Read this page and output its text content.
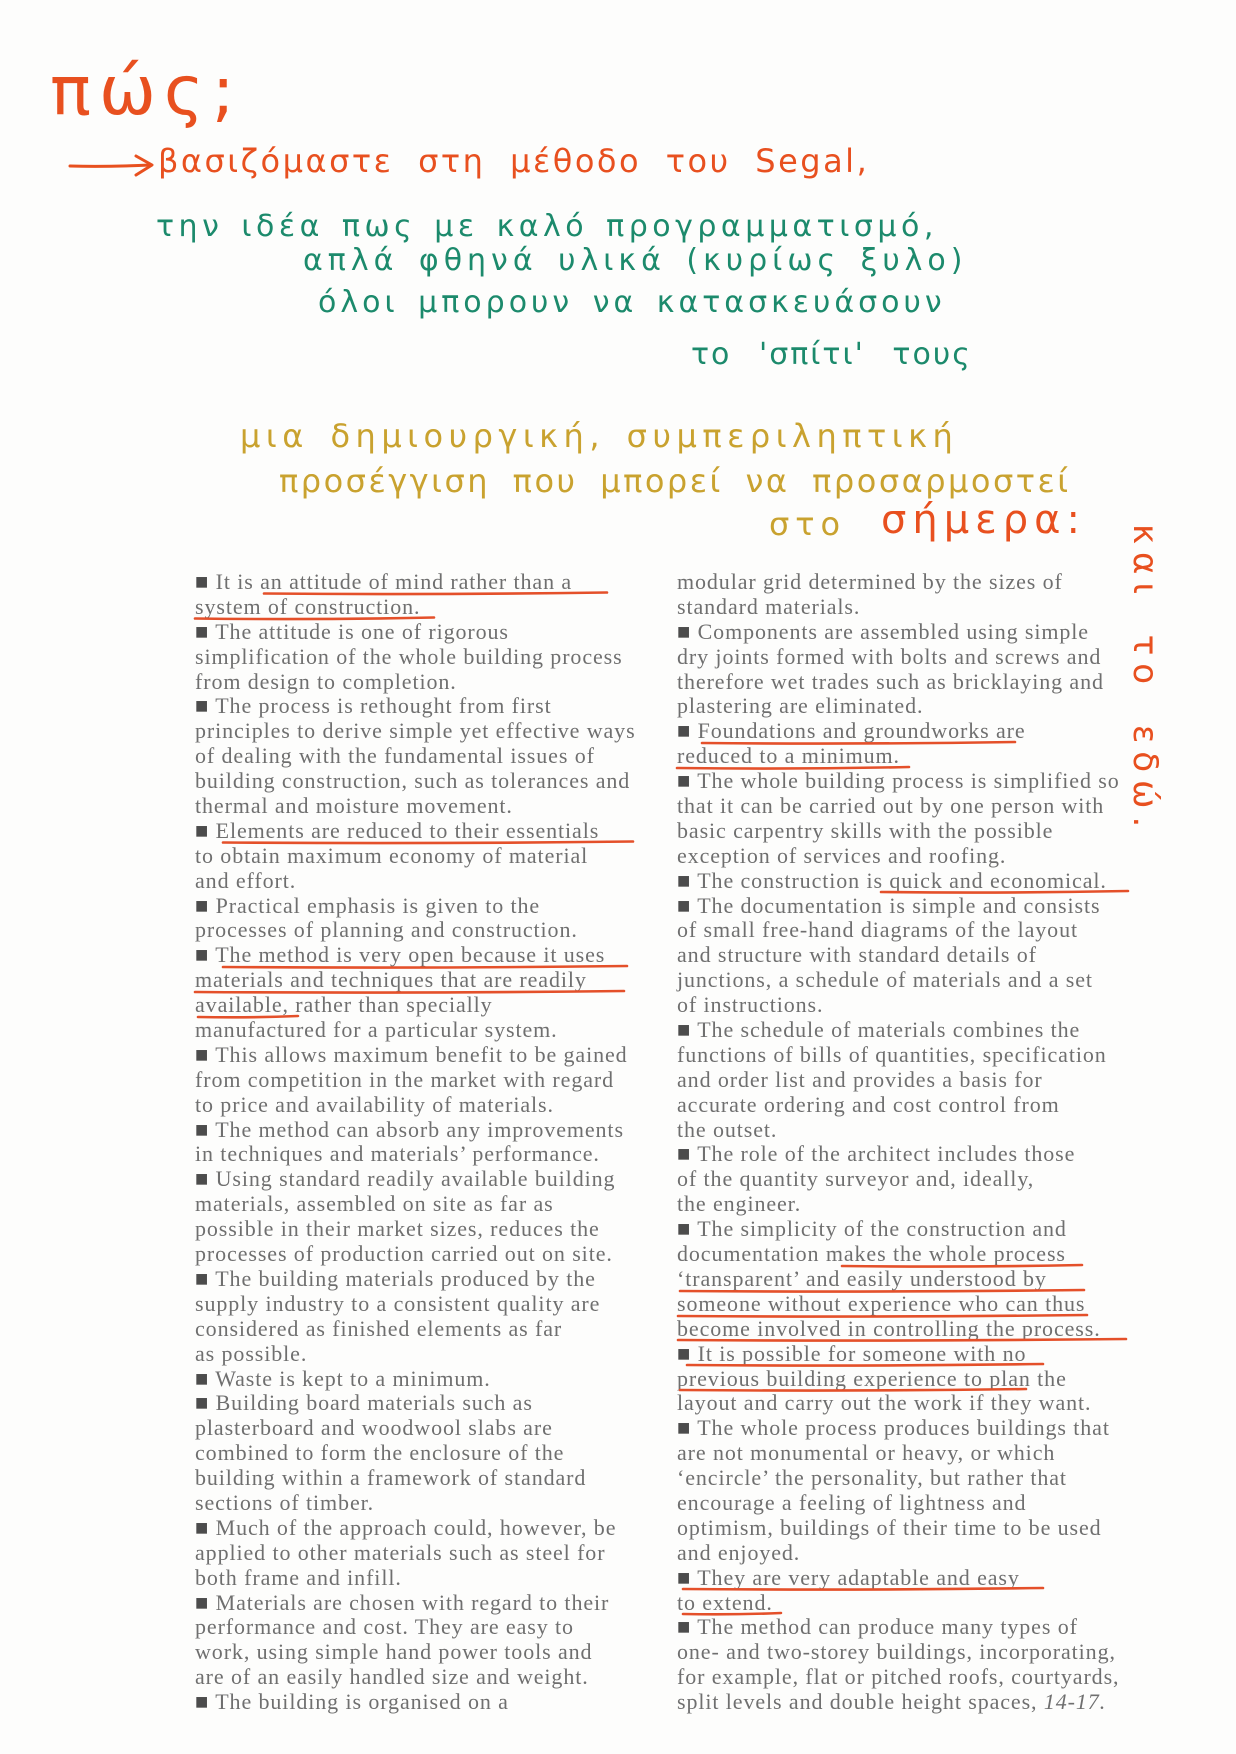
πώς;
βασιζόμαστε στη μέθοδο του Segal,
την ιδέα πως με καλό προγραμματισμό,
απλά φθηνά υλικά (κυρίως ξυλο)
όλοι μπορουν να κατασκευάσουν
το 'σπίτι' τους
μια δημιουργική, συμπεριληπτική
προσέγγιση που μπορεί να προσαρμοστεί
στο σήμερα:
και το εδώ.
■ It is an attitude of mind rather than a
system of construction.
■ The attitude is one of rigorous
simplification of the whole building process
from design to completion.
■ The process is rethought from first
principles to derive simple yet effective ways
of dealing with the fundamental issues of
building construction, such as tolerances and
thermal and moisture movement.
■ Elements are reduced to their essentials
to obtain maximum economy of material
and effort.
■ Practical emphasis is given to the
processes of planning and construction.
■ The method is very open because it uses
materials and techniques that are readily
available, rather than specially
manufactured for a particular system.
■ This allows maximum benefit to be gained
from competition in the market with regard
to price and availability of materials.
■ The method can absorb any improvements
in techniques and materials’ performance.
■ Using standard readily available building
materials, assembled on site as far as
possible in their market sizes, reduces the
processes of production carried out on site.
■ The building materials produced by the
supply industry to a consistent quality are
considered as finished elements as far
as possible.
■ Waste is kept to a minimum.
■ Building board materials such as
plasterboard and woodwool slabs are
combined to form the enclosure of the
building within a framework of standard
sections of timber.
■ Much of the approach could, however, be
applied to other materials such as steel for
both frame and infill.
■ Materials are chosen with regard to their
performance and cost. They are easy to
work, using simple hand power tools and
are of an easily handled size and weight.
■ The building is organised on a
modular grid determined by the sizes of
standard materials.
■ Components are assembled using simple
dry joints formed with bolts and screws and
therefore wet trades such as bricklaying and
plastering are eliminated.
■ Foundations and groundworks are
reduced to a minimum.
■ The whole building process is simplified so
that it can be carried out by one person with
basic carpentry skills with the possible
exception of services and roofing.
■ The construction is quick and economical.
■ The documentation is simple and consists
of small free-hand diagrams of the layout
and structure with standard details of
junctions, a schedule of materials and a set
of instructions.
■ The schedule of materials combines the
functions of bills of quantities, specification
and order list and provides a basis for
accurate ordering and cost control from
the outset.
■ The role of the architect includes those
of the quantity surveyor and, ideally,
the engineer.
■ The simplicity of the construction and
documentation makes the whole process
‘transparent’ and easily understood by
someone without experience who can thus
become involved in controlling the process.
■ It is possible for someone with no
previous building experience to plan the
layout and carry out the work if they want.
■ The whole process produces buildings that
are not monumental or heavy, or which
‘encircle’ the personality, but rather that
encourage a feeling of lightness and
optimism, buildings of their time to be used
and enjoyed.
■ They are very adaptable and easy
to extend.
■ The method can produce many types of
one- and two-storey buildings, incorporating,
for example, flat or pitched roofs, courtyards,
split levels and double height spaces, 14-17.
